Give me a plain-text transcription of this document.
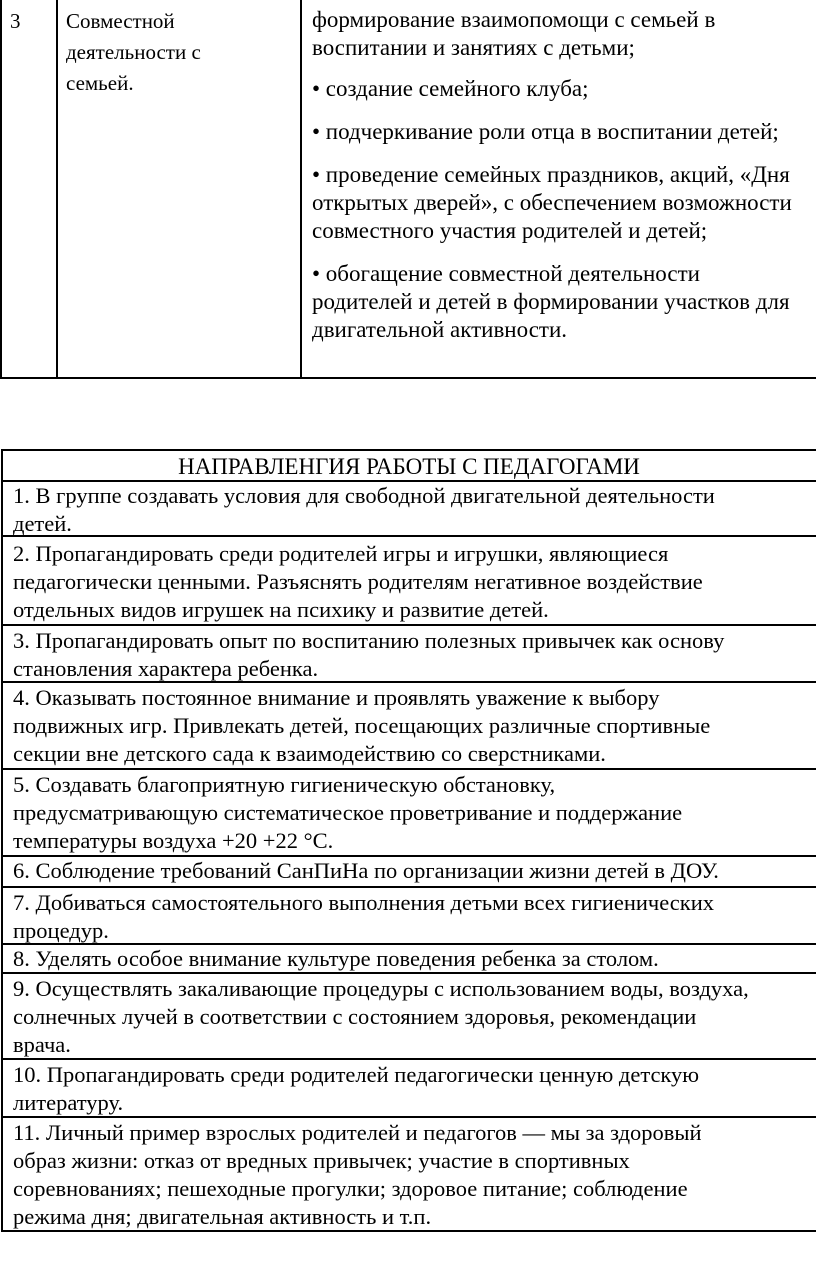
3	Совместной
деятельности с
семьей.

формирование взаимопомощи с семьей в
воспитании и занятиях с детьми;

• создание семейного клуба;

• подчеркивание роли отца в воспитании детей;

• проведение семейных праздников, акций, «Дня
открытых дверей», с обеспечением возможности
совместного участия родителей и детей;

• обогащение совместной деятельности
родителей и детей в формировании участков для
двигательной активности.

НАПРАВЛЕНГИЯ РАБОТЫ С ПЕДАГОГАМИ
1. В группе создавать условия для свободной двигательной деятельности
детей.
2. Пропагандировать среди родителей игры и игрушки, являющиеся
педагогически ценными. Разъяснять родителям негативное воздействие
отдельных видов игрушек на психику и развитие детей.
3. Пропагандировать опыт по воспитанию полезных привычек как основу
становления характера ребенка.
4. Оказывать постоянное внимание и проявлять уважение к выбору
подвижных игр. Привлекать детей, посещающих различные спортивные
секции вне детского сада к взаимодействию со сверстниками.
5. Создавать благоприятную гигиеническую обстановку,
предусматривающую систематическое проветривание и поддержание
температуры воздуха +20 +22 °С.
6. Соблюдение требований СанПиНа по организации жизни детей в ДОУ.
7. Добиваться самостоятельного выполнения детьми всех гигиенических
процедур.
8. Уделять особое внимание культуре поведения ребенка за столом.
9. Осуществлять закаливающие процедуры с использованием воды, воздуха,
солнечных лучей в соответствии с состоянием здоровья, рекомендации
врача.
10. Пропагандировать среди родителей педагогически ценную детскую
литературу.
11. Личный пример взрослых родителей и педагогов — мы за здоровый
образ жизни: отказ от вредных привычек; участие в спортивных
соревнованиях; пешеходные прогулки; здоровое питание; соблюдение
режима дня; двигательная активность и т.п.
